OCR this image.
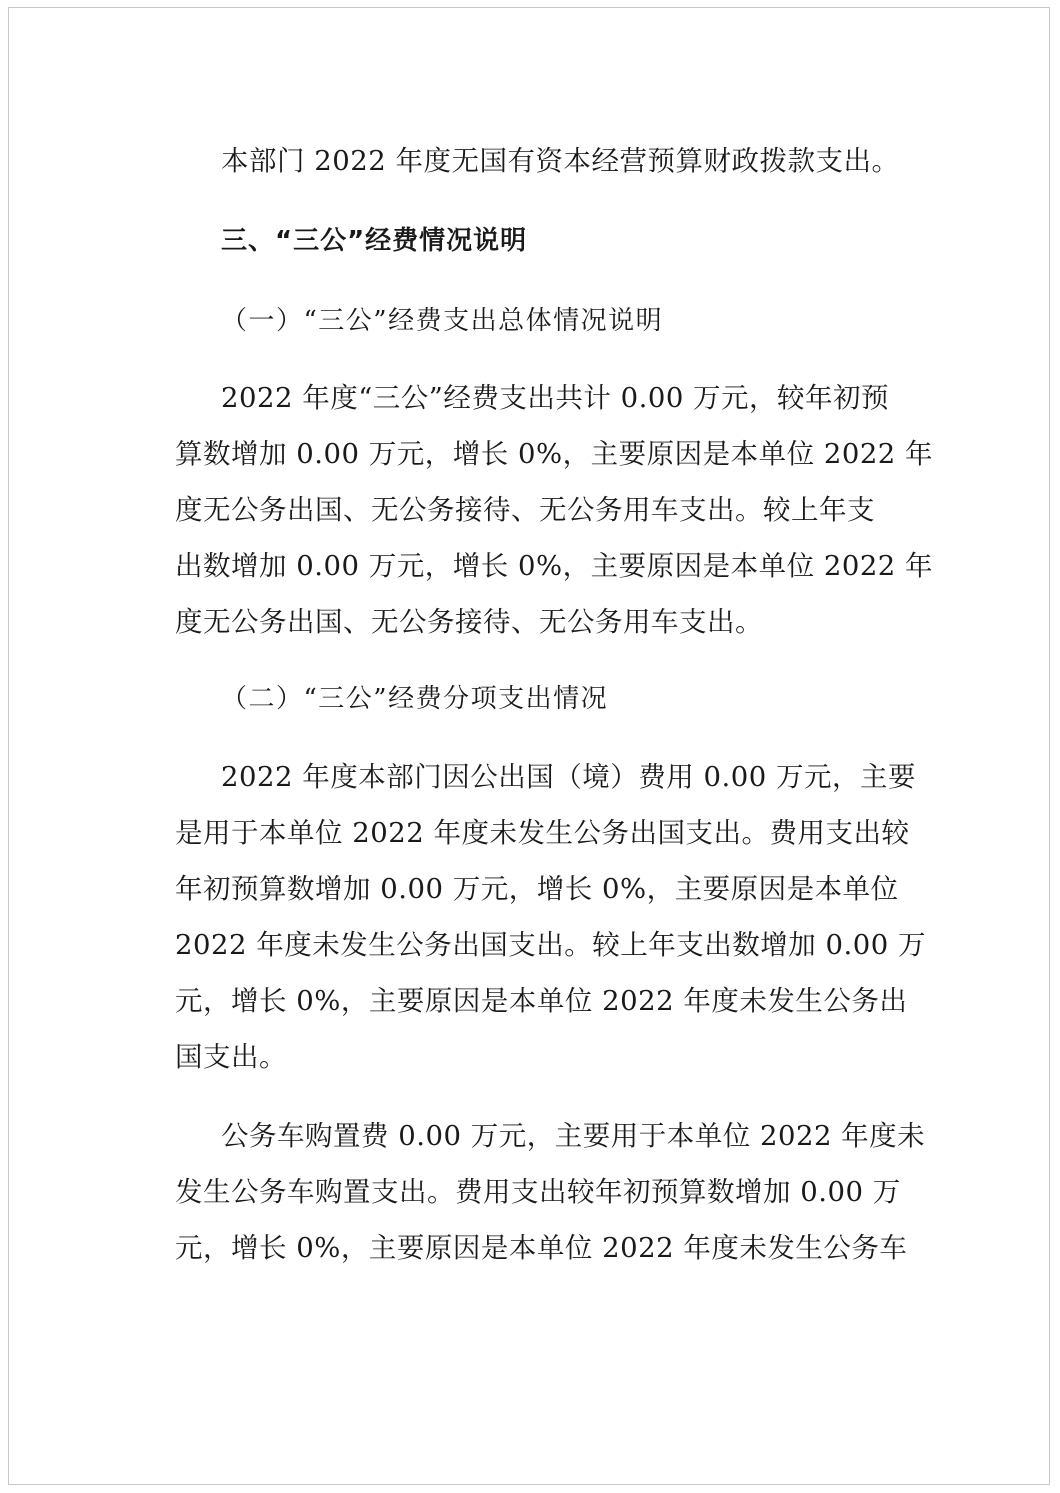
本部门 2022 年度无国有资本经营预算财政拨款支出。
三、“三公”经费情况说明
（一）“三公”经费支出总体情况说明
2022 年度“三公”经费支出共计 0.00 万元，较年初预
算数增加 0.00 万元，增长 0%，主要原因是本单位 2022 年
度无公务出国、无公务接待、无公务用车支出。较上年支
出数增加 0.00 万元，增长 0%，主要原因是本单位 2022 年
度无公务出国、无公务接待、无公务用车支出。
（二）“三公”经费分项支出情况
2022 年度本部门因公出国（境）费用 0.00 万元，主要
是用于本单位 2022 年度未发生公务出国支出。费用支出较
年初预算数增加 0.00 万元，增长 0%，主要原因是本单位
2022 年度未发生公务出国支出。较上年支出数增加 0.00 万
元，增长 0%，主要原因是本单位 2022 年度未发生公务出
国支出。
公务车购置费 0.00 万元，主要用于本单位 2022 年度未
发生公务车购置支出。费用支出较年初预算数增加 0.00 万
元，增长 0%，主要原因是本单位 2022 年度未发生公务车
